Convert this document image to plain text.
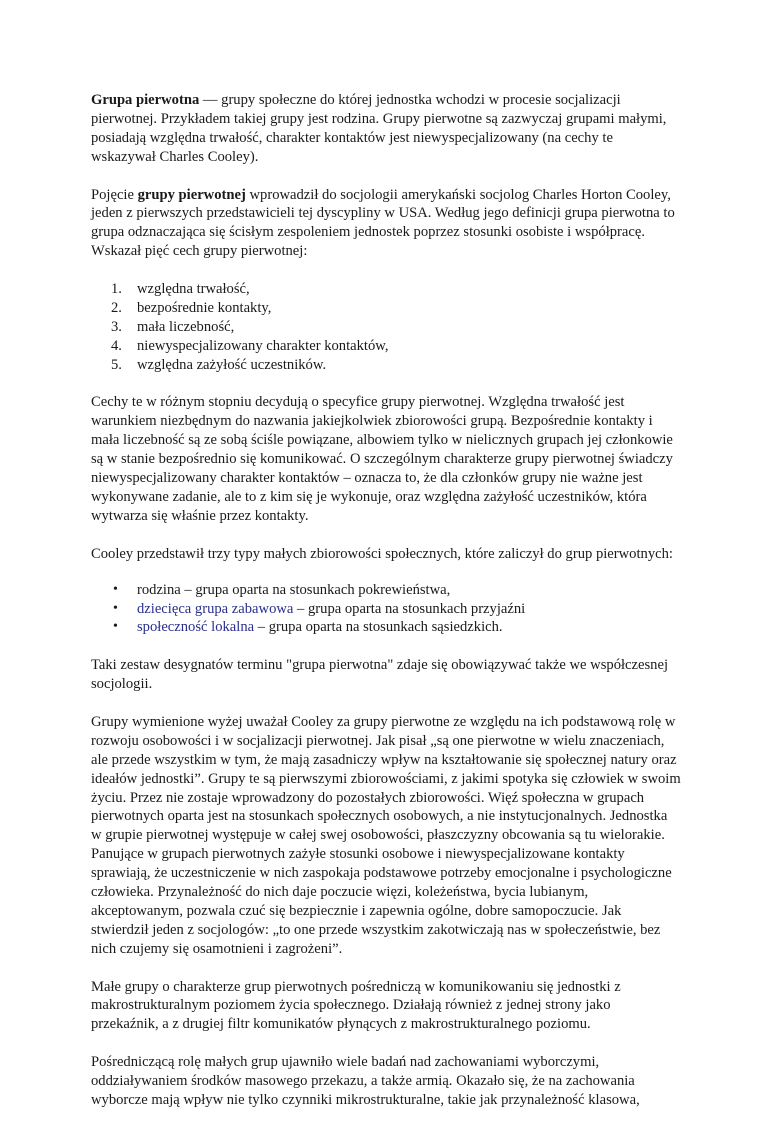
Grupa pierwotna — grupy społeczne do której jednostka wchodzi w procesie socjalizacji pierwotnej. Przykładem takiej grupy jest rodzina. Grupy pierwotne są zazwyczaj grupami małymi, posiadają względna trwałość, charakter kontaktów jest niewyspecjalizowany (na cechy te wskazywał Charles Cooley).

Pojęcie grupy pierwotnej wprowadził do socjologii amerykański socjolog Charles Horton Cooley, jeden z pierwszych przedstawicieli tej dyscypliny w USA. Według jego definicji grupa pierwotna to grupa odznaczająca się ścisłym zespoleniem jednostek poprzez stosunki osobiste i współpracę. Wskazał pięć cech grupy pierwotnej:

1. względna trwałość,
2. bezpośrednie kontakty,
3. mała liczebność,
4. niewyspecjalizowany charakter kontaktów,
5. względna zażyłość uczestników.

Cechy te w różnym stopniu decydują o specyfice grupy pierwotnej. Względna trwałość jest warunkiem niezbędnym do nazwania jakiejkolwiek zbiorowości grupą. Bezpośrednie kontakty i mała liczebność są ze sobą ściśle powiązane, albowiem tylko w nielicznych grupach jej członkowie są w stanie bezpośrednio się komunikować. O szczególnym charakterze grupy pierwotnej świadczy niewyspecjalizowany charakter kontaktów – oznacza to, że dla członków grupy nie ważne jest wykonywane zadanie, ale to z kim się je wykonuje, oraz względna zażyłość uczestników, która wytwarza się właśnie przez kontakty.

Cooley przedstawił trzy typy małych zbiorowości społecznych, które zaliczył do grup pierwotnych:

• rodzina – grupa oparta na stosunkach pokrewieństwa,
• dziecięca grupa zabawowa – grupa oparta na stosunkach przyjaźni
• społeczność lokalna – grupa oparta na stosunkach sąsiedzkich.

Taki zestaw desygnatów terminu "grupa pierwotna" zdaje się obowiązywać także we współczesnej socjologii.

Grupy wymienione wyżej uważał Cooley za grupy pierwotne ze względu na ich podstawową rolę w rozwoju osobowości i w socjalizacji pierwotnej. Jak pisał „są one pierwotne w wielu znaczeniach, ale przede wszystkim w tym, że mają zasadniczy wpływ na kształtowanie się społecznej natury oraz ideałów jednostki”. Grupy te są pierwszymi zbiorowościami, z jakimi spotyka się człowiek w swoim życiu. Przez nie zostaje wprowadzony do pozostałych zbiorowości. Więź społeczna w grupach pierwotnych oparta jest na stosunkach społecznych osobowych, a nie instytucjonalnych. Jednostka w grupie pierwotnej występuje w całej swej osobowości, płaszczyzny obcowania są tu wielorakie. Panujące w grupach pierwotnych zażyłe stosunki osobowe i niewyspecjalizowane kontakty sprawiają, że uczestniczenie w nich zaspokaja podstawowe potrzeby emocjonalne i psychologiczne człowieka. Przynależność do nich daje poczucie więzi, koleżeństwa, bycia lubianym, akceptowanym, pozwala czuć się bezpiecznie i zapewnia ogólne, dobre samopoczucie. Jak stwierdził jeden z socjologów: „to one przede wszystkim zakotwiczają nas w społeczeństwie, bez nich czujemy się osamotnieni i zagrożeni”.

Małe grupy o charakterze grup pierwotnych pośredniczą w komunikowaniu się jednostki z makrostrukturalnym poziomem życia społecznego. Działają również z jednej strony jako przekaźnik, a z drugiej filtr komunikatów płynących z makrostrukturalnego poziomu.

Pośredniczącą rolę małych grup ujawniło wiele badań nad zachowaniami wyborczymi, oddziaływaniem środków masowego przekazu, a także armią. Okazało się, że na zachowania wyborcze mają wpływ nie tylko czynniki mikrostrukturalne, takie jak przynależność klasowa,
